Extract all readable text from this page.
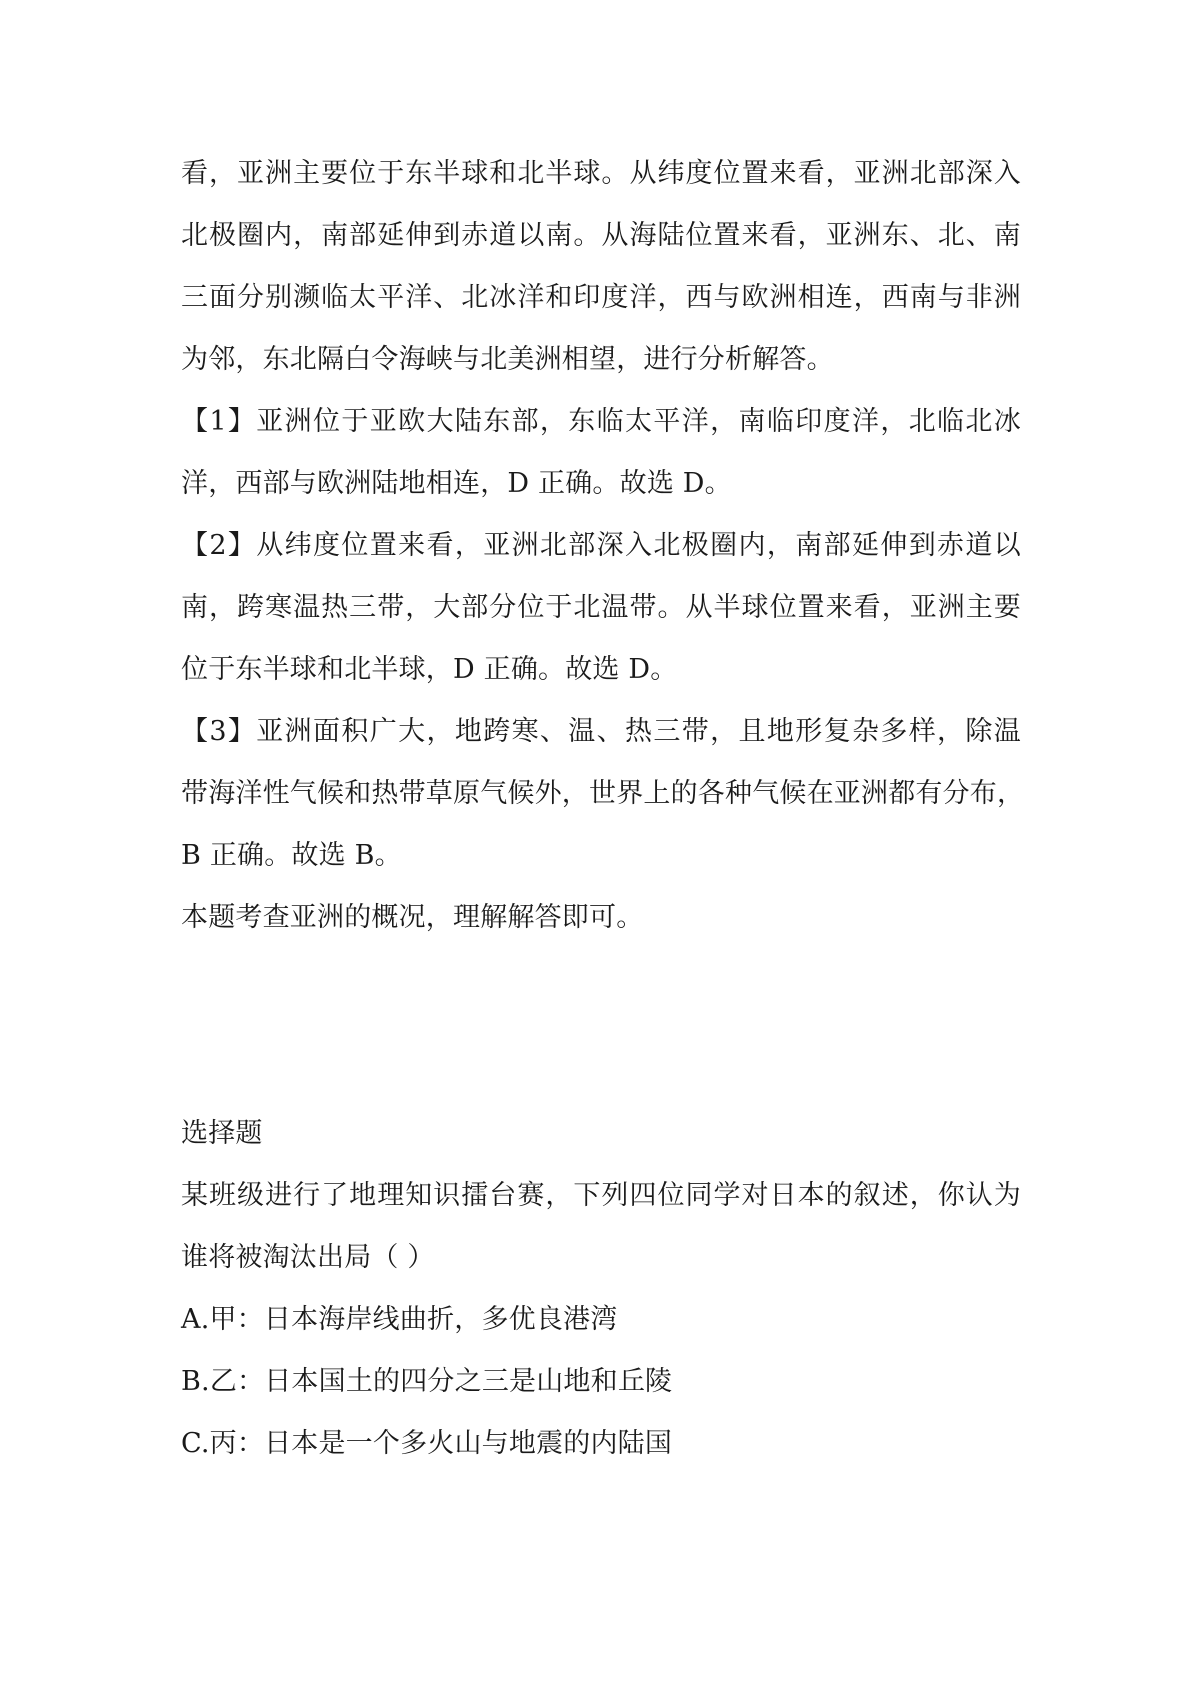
看，亚洲主要位于东半球和北半球。从纬度位置来看，亚洲北部深入
北极圈内，南部延伸到赤道以南。从海陆位置来看，亚洲东、北、南
三面分别濒临太平洋、北冰洋和印度洋，西与欧洲相连，西南与非洲
为邻，东北隔白令海峡与北美洲相望，进行分析解答。
【1】亚洲位于亚欧大陆东部，东临太平洋，南临印度洋，北临北冰
洋，西部与欧洲陆地相连，D 正确。故选 D。
【2】从纬度位置来看，亚洲北部深入北极圈内，南部延伸到赤道以
南，跨寒温热三带，大部分位于北温带。从半球位置来看，亚洲主要
位于东半球和北半球，D 正确。故选 D。
【3】亚洲面积广大，地跨寒、温、热三带，且地形复杂多样，除温
带海洋性气候和热带草原气候外，世界上的各种气候在亚洲都有分布，
B 正确。故选 B。
本题考查亚洲的概况，理解解答即可。
选择题
某班级进行了地理知识擂台赛，下列四位同学对日本的叙述，你认为
谁将被淘汰出局（ ）
A.甲：日本海岸线曲折，多优良港湾
B.乙：日本国土的四分之三是山地和丘陵
C.丙：日本是一个多火山与地震的内陆国
